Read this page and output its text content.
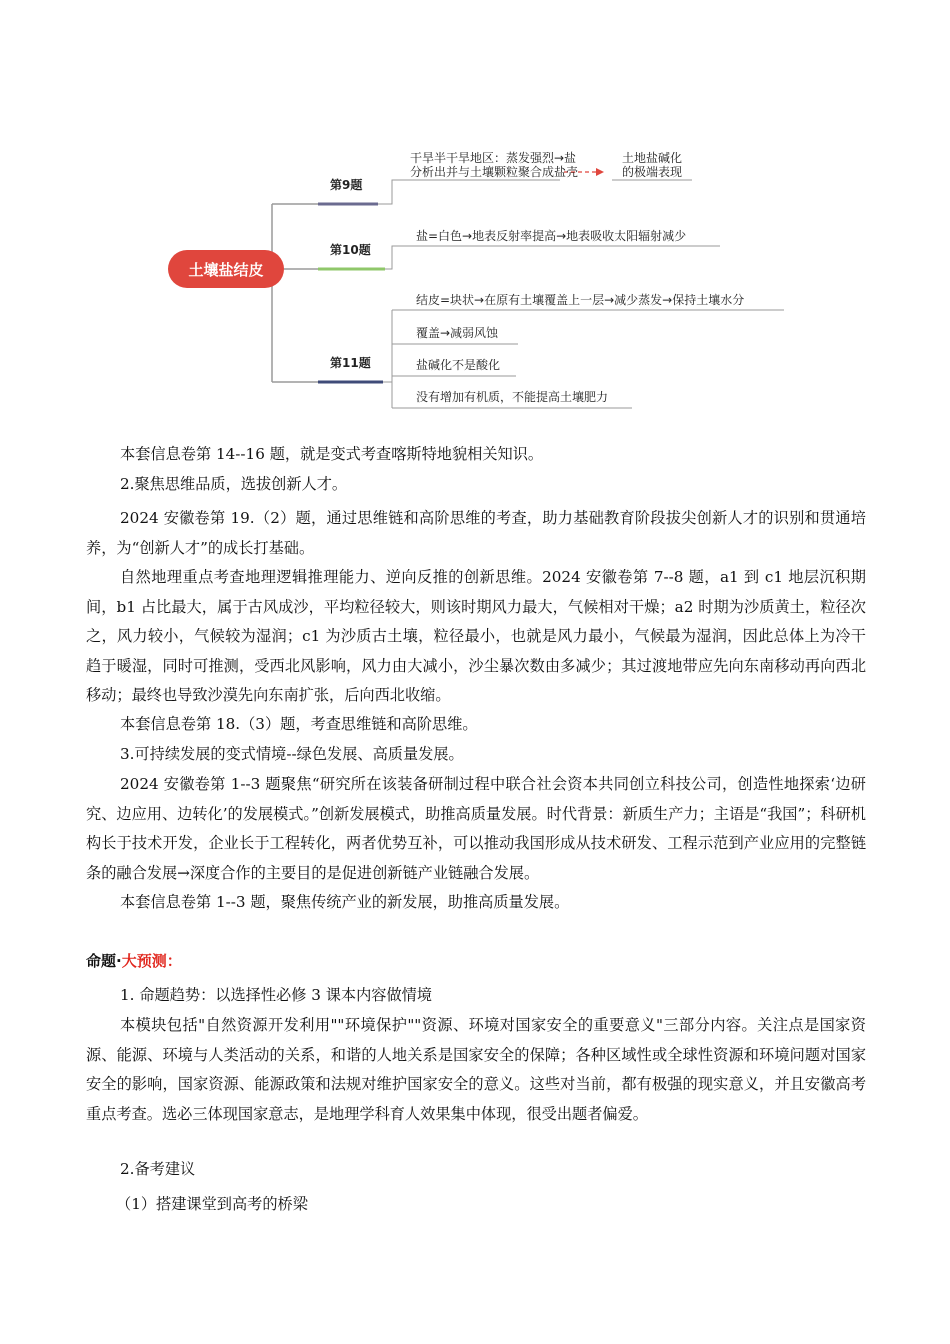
土壤盐结皮
第9题
第10题
第11题
干旱半干旱地区：蒸发强烈→盐
分析出并与土壤颗粒聚合成盐壳
土地盐碱化
的极端表现
盐=白色→地表反射率提高→地表吸收太阳辐射减少
结皮=块状→在原有土壤覆盖上一层→减少蒸发→保持土壤水分
覆盖→减弱风蚀
盐碱化不是酸化
没有增加有机质，不能提高土壤肥力

本套信息卷第 14--16 题，就是变式考查喀斯特地貌相关知识。

2.聚焦思维品质，选拔创新人才。

2024 安徽卷第 19.（2）题，通过思维链和高阶思维的考查，助力基础教育阶段拔尖创新人才的识别和贯通培养，为“创新人才”的成长打基础。

自然地理重点考查地理逻辑推理能力、逆向反推的创新思维。2024 安徽卷第 7--8 题，a1 到 c1 地层沉积期间，b1 占比最大，属于古风成沙，平均粒径较大，则该时期风力最大，气候相对干燥；a2 时期为沙质黄土，粒径次之，风力较小，气候较为湿润；c1 为沙质古土壤，粒径最小，也就是风力最小，气候最为湿润，因此总体上为冷干趋于暖湿，同时可推测，受西北风影响，风力由大减小，沙尘暴次数由多减少；其过渡地带应先向东南移动再向西北移动；最终也导致沙漠先向东南扩张，后向西北收缩。

本套信息卷第 18.（3）题，考查思维链和高阶思维。

3.可持续发展的变式情境--绿色发展、高质量发展。

2024 安徽卷第 1--3 题聚焦“研究所在该装备研制过程中联合社会资本共同创立科技公司，创造性地探索‘边研究、边应用、边转化’的发展模式。”创新发展模式，助推高质量发展。时代背景：新质生产力；主语是“我国”；科研机构长于技术开发，企业长于工程转化，两者优势互补，可以推动我国形成从技术研发、工程示范到产业应用的完整链条的融合发展→深度合作的主要目的是促进创新链产业链融合发展。

本套信息卷第 1--3 题，聚焦传统产业的新发展，助推高质量发展。

命题·大预测：

1. 命题趋势：以选择性必修 3 课本内容做情境

本模块包括"自然资源开发利用""环境保护""资源、环境对国家安全的重要意义"三部分内容。关注点是国家资源、能源、环境与人类活动的关系，和谐的人地关系是国家安全的保障；各种区域性或全球性资源和环境问题对国家安全的影响，国家资源、能源政策和法规对维护国家安全的意义。这些对当前，都有极强的现实意义，并且安徽高考重点考查。选必三体现国家意志，是地理学科育人效果集中体现，很受出题者偏爱。

2.备考建议

（1）搭建课堂到高考的桥梁
